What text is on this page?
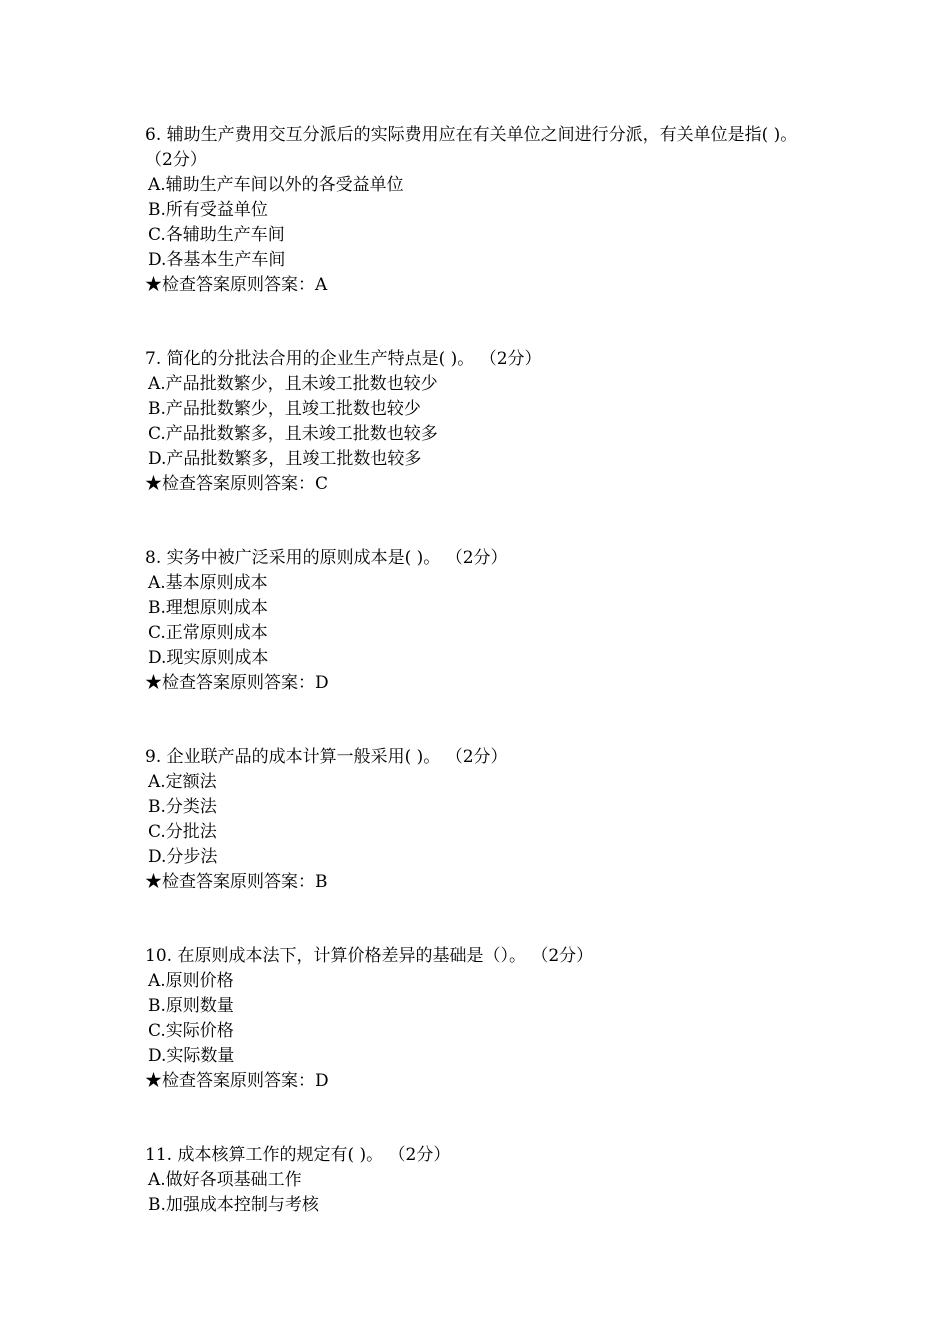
6. 辅助生产费用交互分派后的实际费用应在有关单位之间进行分派，有关单位是指( )。 （2分）

A.辅助生产车间以外的各受益单位
B.所有受益单位
C.各辅助生产车间
D.各基本生产车间
★检查答案原则答案：A

7. 简化的分批法合用的企业生产特点是( )。 （2分）

A.产品批数繁少，且未竣工批数也较少
B.产品批数繁少，且竣工批数也较少
C.产品批数繁多，且未竣工批数也较多
D.产品批数繁多，且竣工批数也较多
★检查答案原则答案：C

8. 实务中被广泛采用的原则成本是( )。 （2分）

A.基本原则成本
B.理想原则成本
C.正常原则成本
D.现实原则成本
★检查答案原则答案：D

9. 企业联产品的成本计算一般采用( )。 （2分）

A.定额法
B.分类法
C.分批法
D.分步法
★检查答案原则答案：B

10. 在原则成本法下，计算价格差异的基础是（）。 （2分）

A.原则价格
B.原则数量
C.实际价格
D.实际数量
★检查答案原则答案：D

11. 成本核算工作的规定有( )。 （2分）

A.做好各项基础工作
B.加强成本控制与考核
